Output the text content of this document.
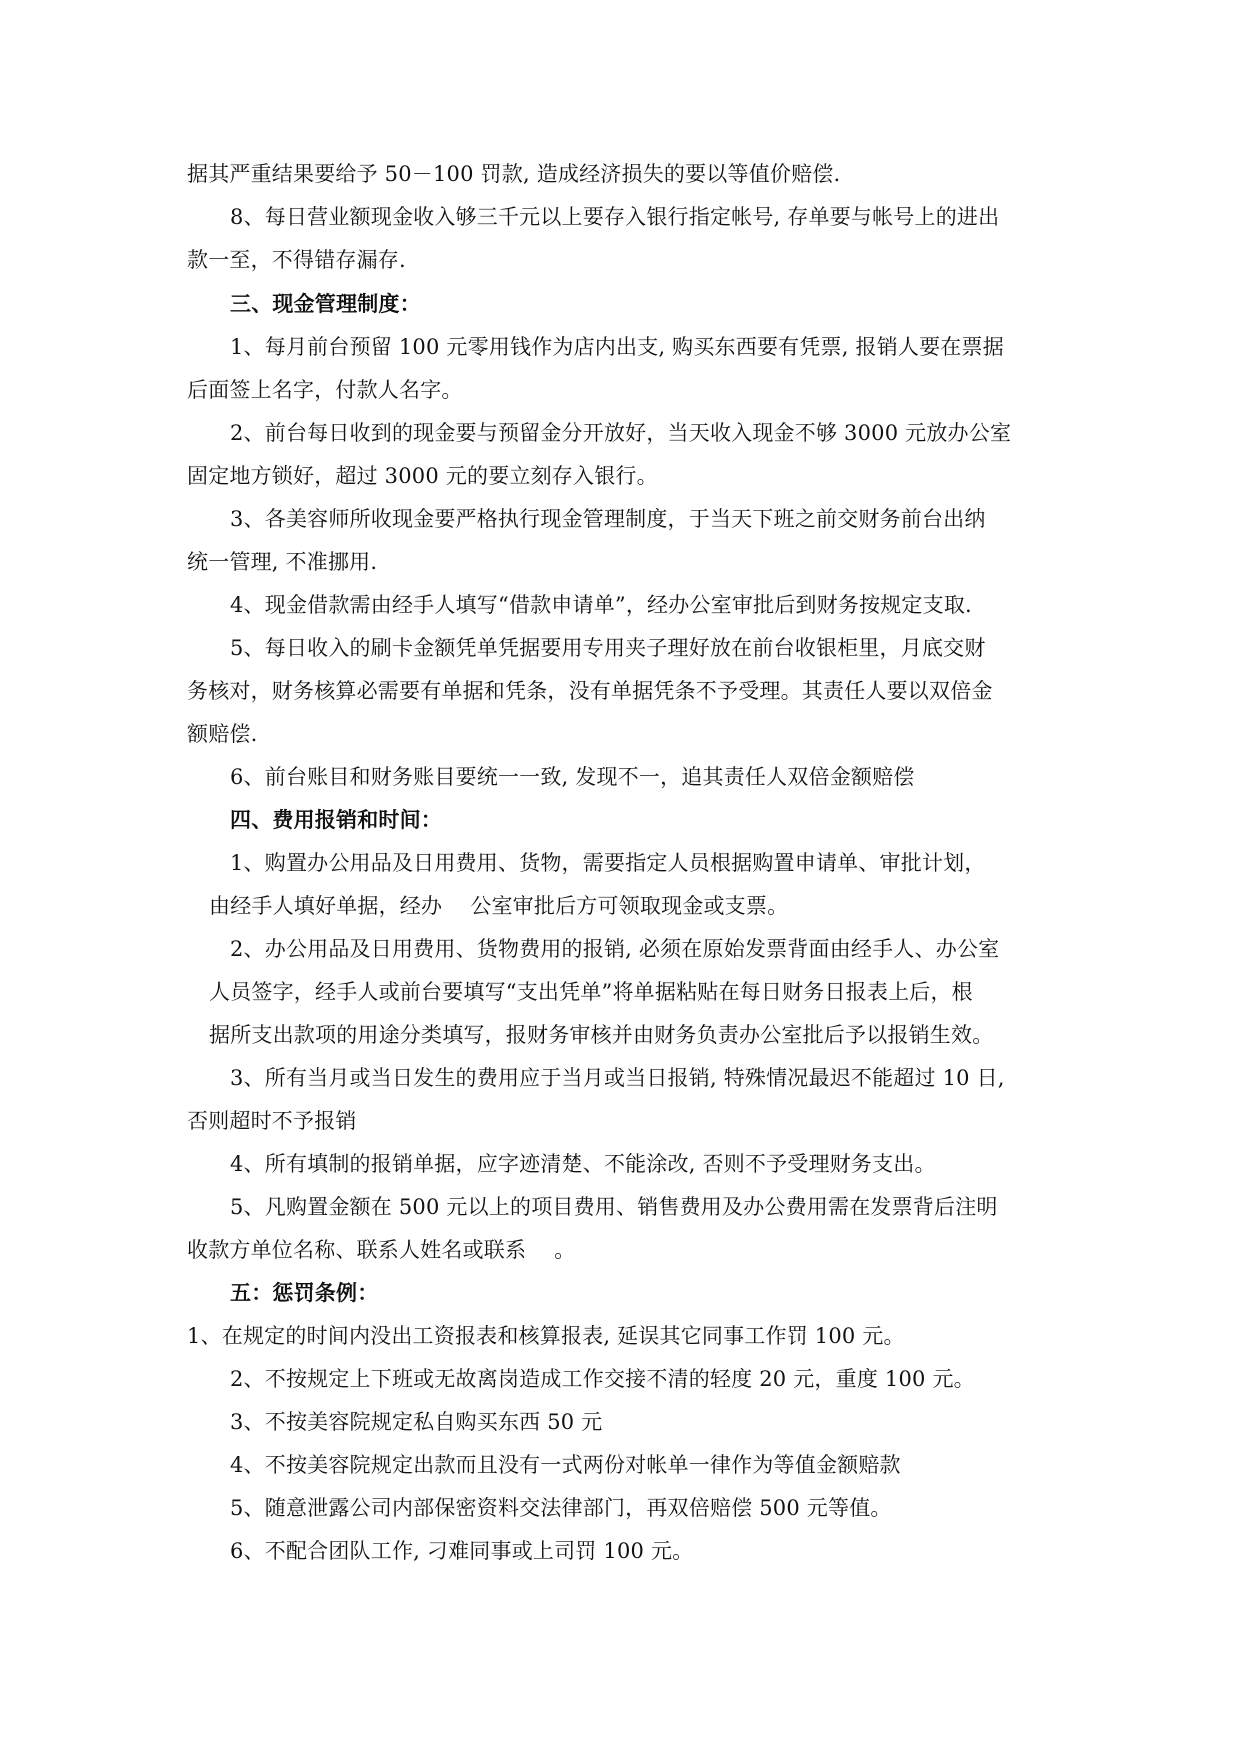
据其严重结果要给予 50－100 罚款, 造成经济损失的要以等值价赔偿.
8、每日营业额现金收入够三千元以上要存入银行指定帐号, 存单要与帐号上的进出
款一至，不得错存漏存.
三、现金管理制度：
1、每月前台预留 100 元零用钱作为店内出支, 购买东西要有凭票, 报销人要在票据
后面签上名字，付款人名字。
2、前台每日收到的现金要与预留金分开放好，当天收入现金不够 3000 元放办公室
固定地方锁好，超过 3000 元的要立刻存入银行。
3、各美容师所收现金要严格执行现金管理制度，于当天下班之前交财务前台出纳
统一管理, 不准挪用.
4、现金借款需由经手人填写“借款申请单”，经办公室审批后到财务按规定支取.
5、每日收入的刷卡金额凭单凭据要用专用夹子理好放在前台收银柜里，月底交财
务核对，财务核算必需要有单据和凭条，没有单据凭条不予受理。其责任人要以双倍金
额赔偿.
6、前台账目和财务账目要统一一致, 发现不一，追其责任人双倍金额赔偿
四、费用报销和时间：
1、购置办公用品及日用费用、货物，需要指定人员根据购置申请单、审批计划，
由经手人填好单据，经办　 公室审批后方可领取现金或支票。
2、办公用品及日用费用、货物费用的报销, 必须在原始发票背面由经手人、办公室
人员签字，经手人或前台要填写“支出凭单”将单据粘贴在每日财务日报表上后，根
据所支出款项的用途分类填写，报财务审核并由财务负责办公室批后予以报销生效。
3、所有当月或当日发生的费用应于当月或当日报销, 特殊情况最迟不能超过 10 日,
否则超时不予报销
4、所有填制的报销单据，应字迹清楚、不能涂改, 否则不予受理财务支出。
5、凡购置金额在 500 元以上的项目费用、销售费用及办公费用需在发票背后注明
收款方单位名称、联系人姓名或联系　 。
五：惩罚条例：
1、在规定的时间内没出工资报表和核算报表, 延误其它同事工作罚 100 元。
2、不按规定上下班或无故离岗造成工作交接不清的轻度 20 元，重度 100 元。
3、不按美容院规定私自购买东西 50 元
4、不按美容院规定出款而且没有一式两份对帐单一律作为等值金额赔款
5、随意泄露公司内部保密资料交法律部门，再双倍赔偿 500 元等值。
6、不配合团队工作, 刁难同事或上司罚 100 元。
